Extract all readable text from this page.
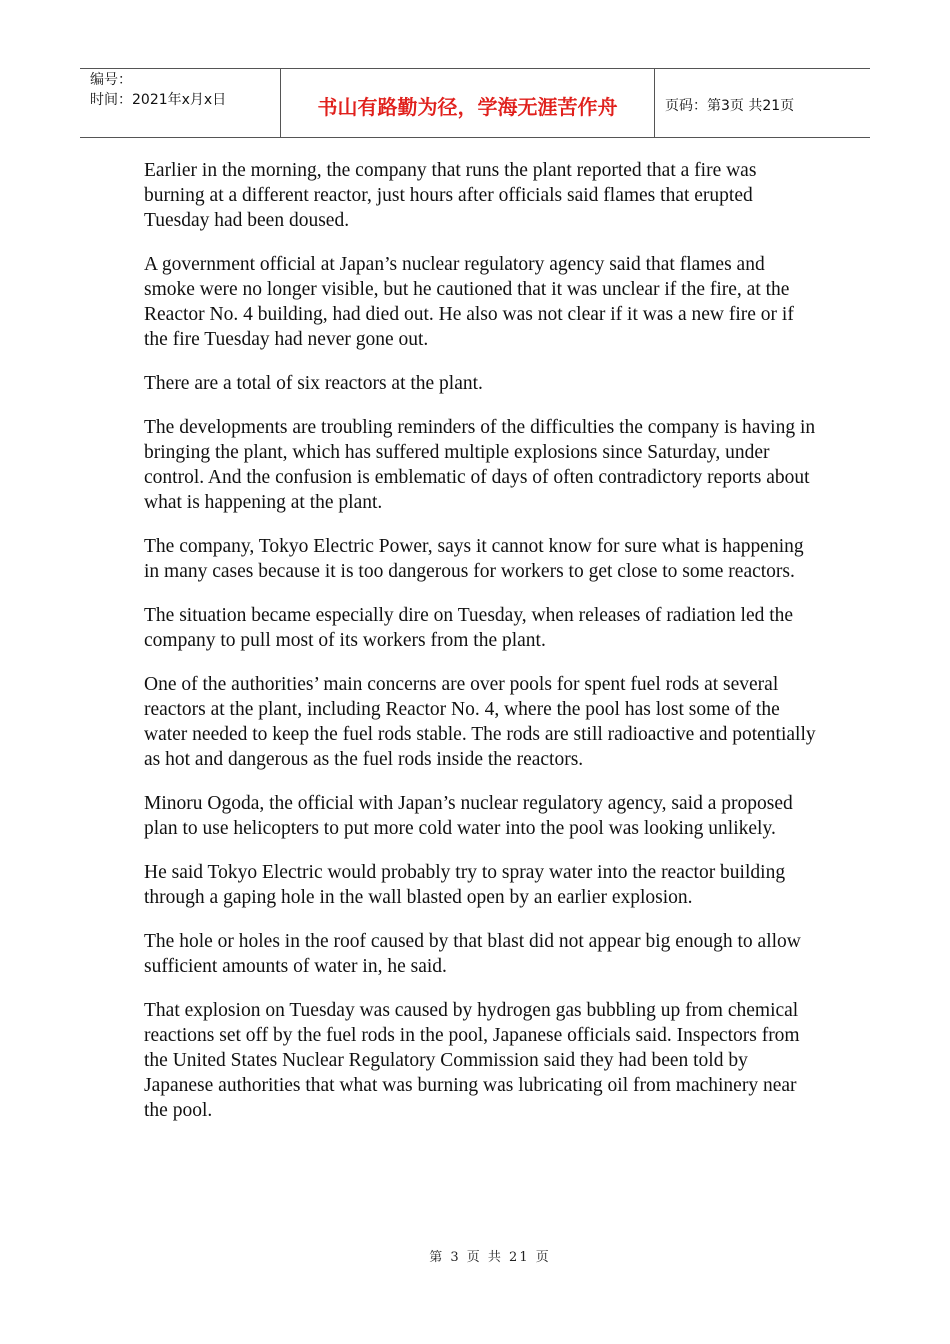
编号：
时间：2021年x月x日	书山有路勤为径，学海无涯苦作舟	页码：第3页 共21页

Earlier in the morning, the company that runs the plant reported that a fire was burning at a different reactor, just hours after officials said flames that erupted Tuesday had been doused.

A government official at Japan’s nuclear regulatory agency said that flames and smoke were no longer visible, but he cautioned that it was unclear if the fire, at the Reactor No. 4 building, had died out. He also was not clear if it was a new fire or if the fire Tuesday had never gone out.

There are a total of six reactors at the plant.

The developments are troubling reminders of the difficulties the company is having in bringing the plant, which has suffered multiple explosions since Saturday, under control. And the confusion is emblematic of days of often contradictory reports about what is happening at the plant.

The company, Tokyo Electric Power, says it cannot know for sure what is happening in many cases because it is too dangerous for workers to get close to some reactors.

The situation became especially dire on Tuesday, when releases of radiation led the company to pull most of its workers from the plant.

One of the authorities’ main concerns are over pools for spent fuel rods at several reactors at the plant, including Reactor No. 4, where the pool has lost some of the water needed to keep the fuel rods stable. The rods are still radioactive and potentially as hot and dangerous as the fuel rods inside the reactors.

Minoru Ogoda, the official with Japan’s nuclear regulatory agency, said a proposed plan to use helicopters to put more cold water into the pool was looking unlikely.

He said Tokyo Electric would probably try to spray water into the reactor building through a gaping hole in the wall blasted open by an earlier explosion.

The hole or holes in the roof caused by that blast did not appear big enough to allow sufficient amounts of water in, he said.

That explosion on Tuesday was caused by hydrogen gas bubbling up from chemical reactions set off by the fuel rods in the pool, Japanese officials said. Inspectors from the United States Nuclear Regulatory Commission said they had been told by Japanese authorities that what was burning was lubricating oil from machinery near the pool.

第 3 页 共 21 页
